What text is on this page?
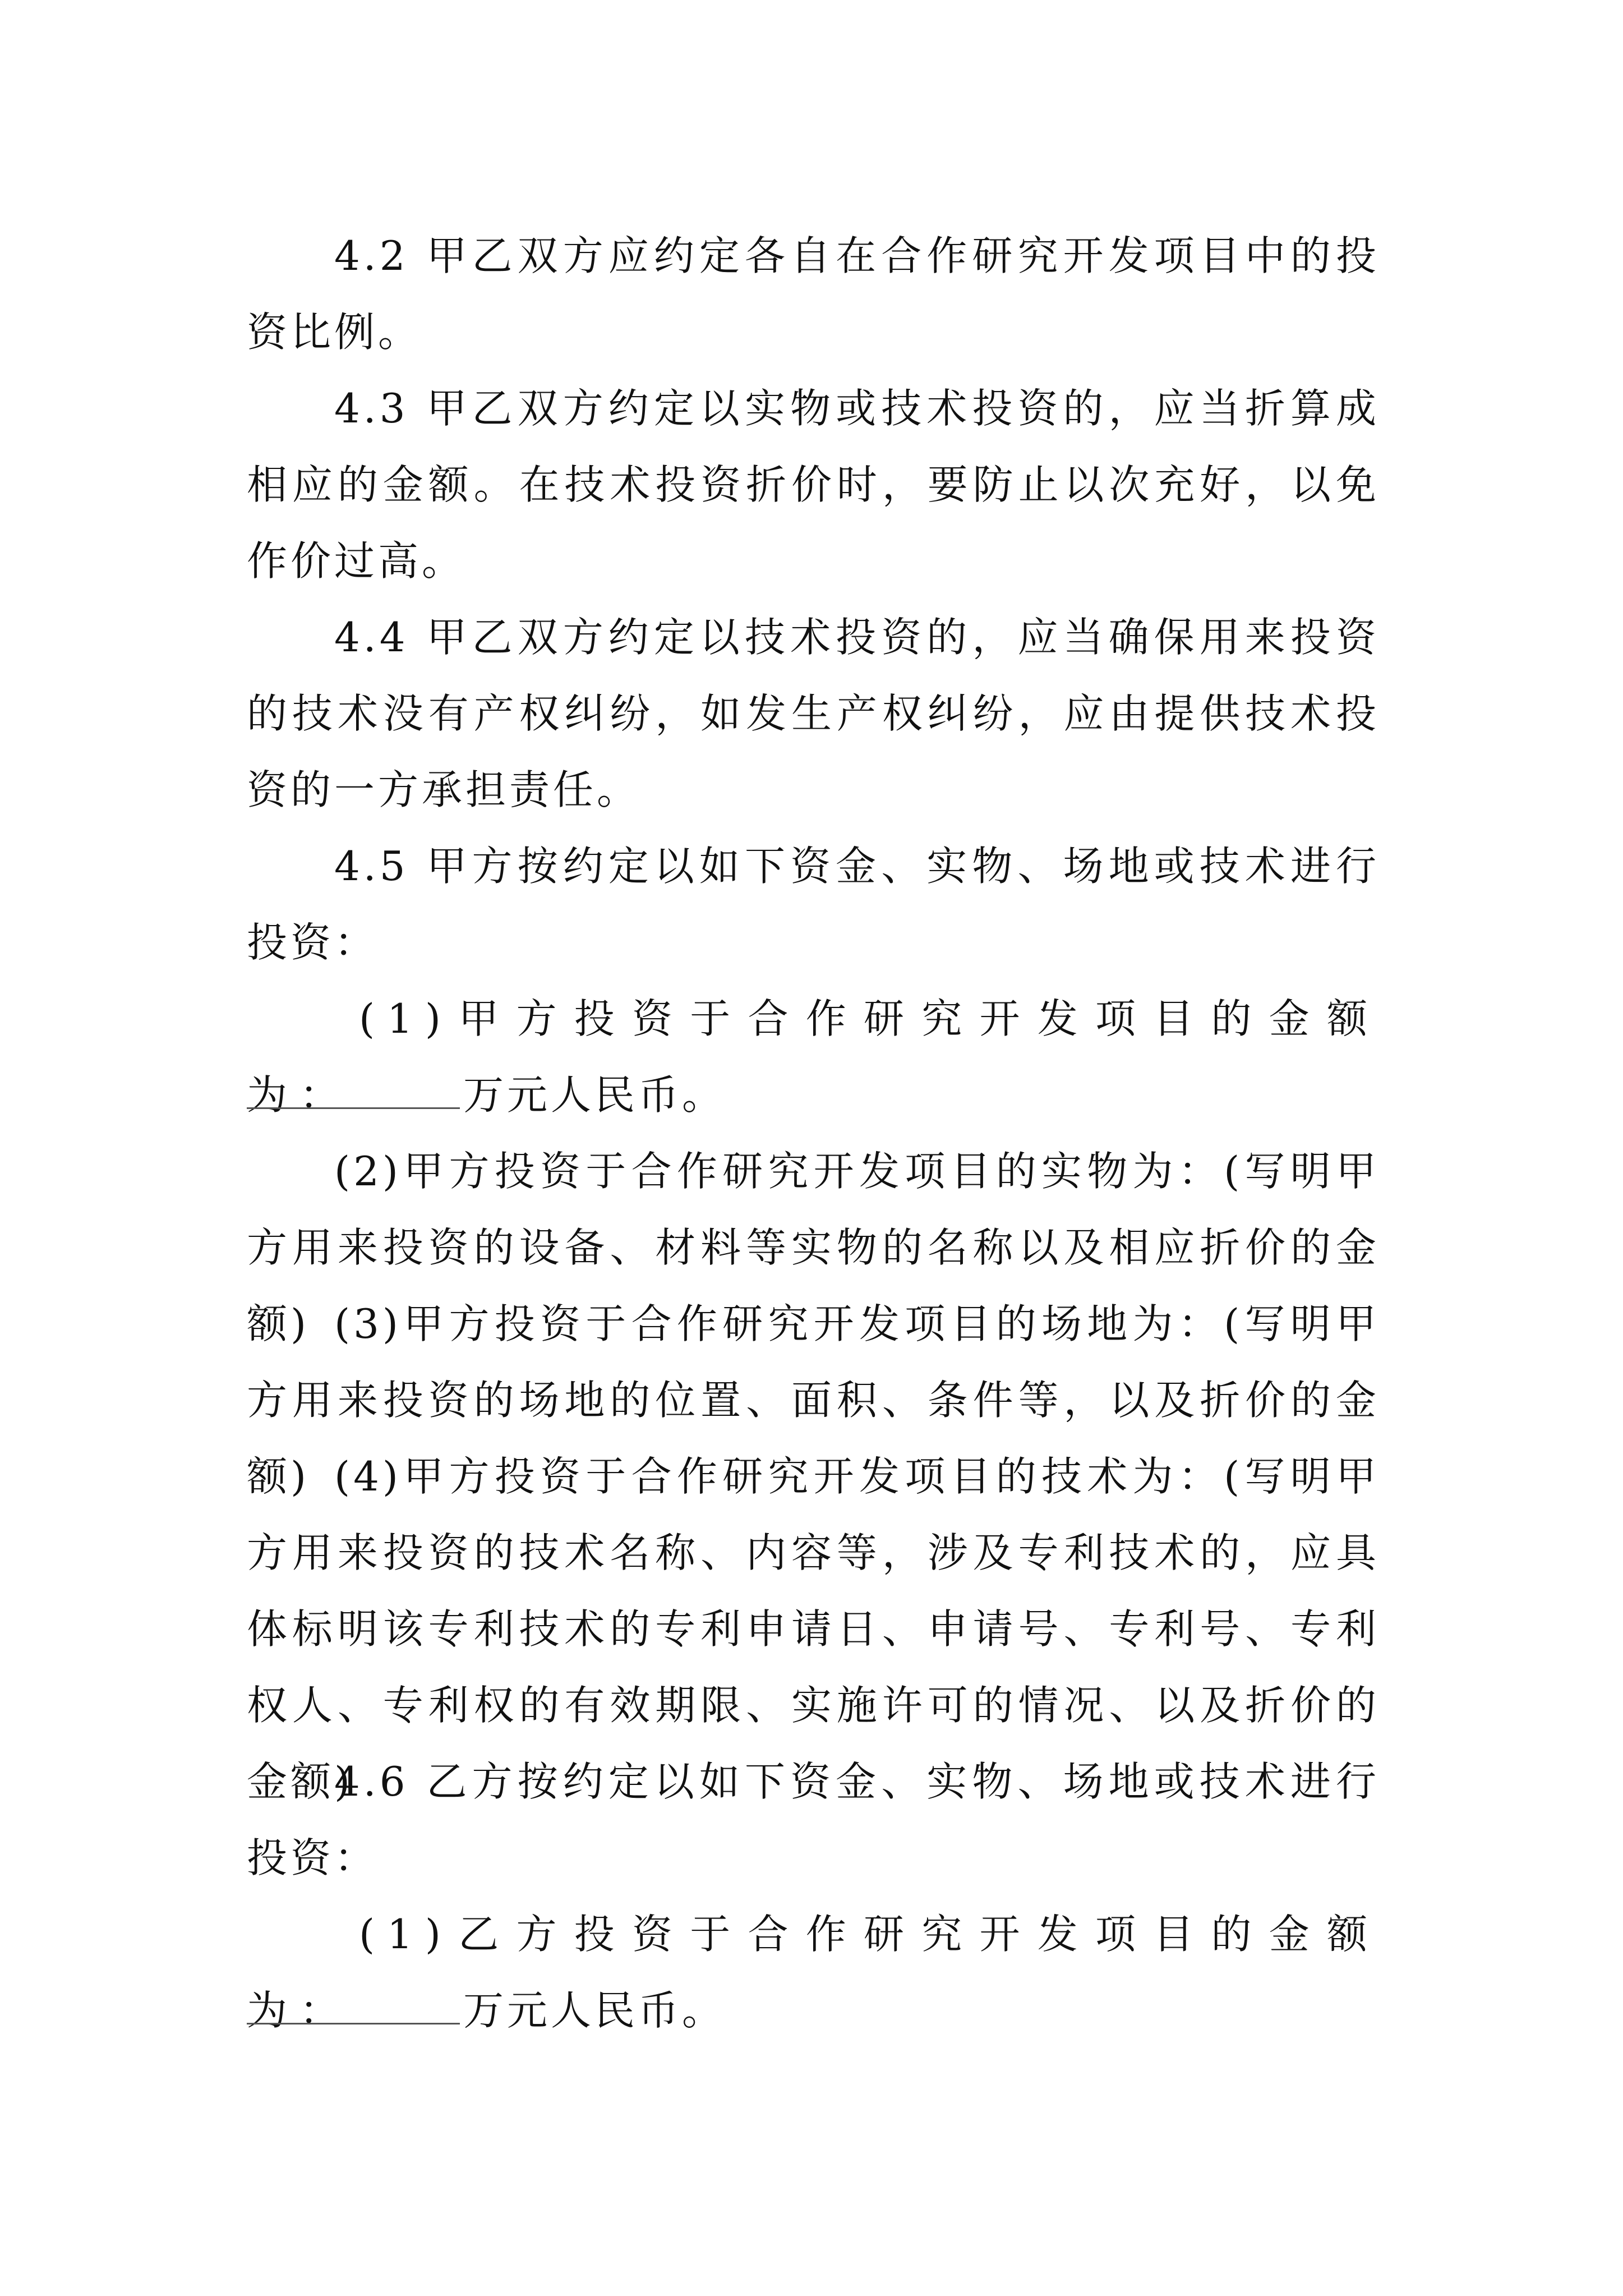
4.2 甲乙双方应约定各自在合作研究开发项目中的投资比例。

4.3 甲乙双方约定以实物或技术投资的，应当折算成相应的金额。在技术投资折价时，要防止以次充好，以免作价过高。

4.4 甲乙双方约定以技术投资的，应当确保用来投资的技术没有产权纠纷，如发生产权纠纷，应由提供技术投资的一方承担责任。

4.5 甲方按约定以如下资金、实物、场地或技术进行投资：

(1)甲方投资于合作研究开发项目的金额为：	万元人民币。

(2)甲方投资于合作研究开发项目的实物为：(写明甲方用来投资的设备、材料等实物的名称以及相应折价的金额) (3)甲方投资于合作研究开发项目的场地为：(写明甲方用来投资的场地的位置、面积、条件等，以及折价的金额) (4)甲方投资于合作研究开发项目的技术为：(写明甲方用来投资的技术名称、内容等，涉及专利技术的，应具体标明该专利技术的专利申请日、申请号、专利号、专利权人、专利权的有效期限、实施许可的情况、以及折价的金额)

4.6 乙方按约定以如下资金、实物、场地或技术进行投资：

(1)乙方投资于合作研究开发项目的金额为：	万元人民币。
